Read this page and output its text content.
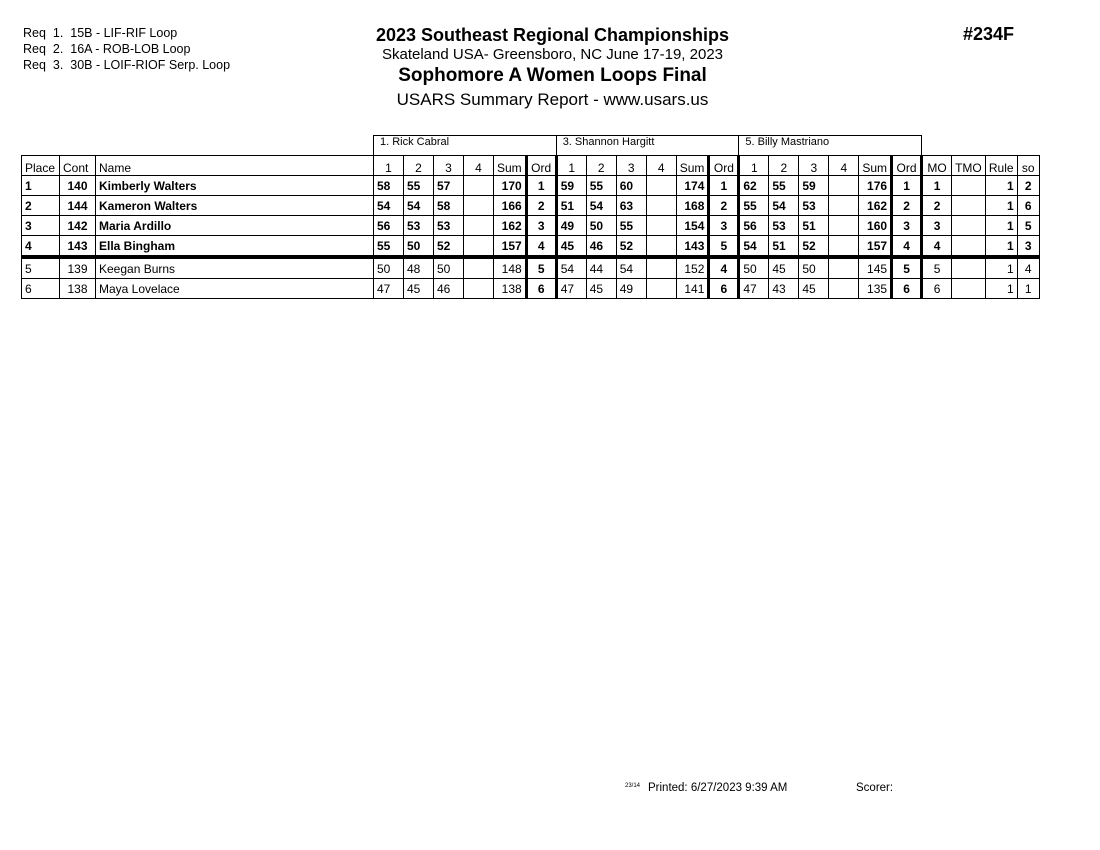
Req  1.  15B - LIF-RIF Loop
Req  2.  16A - ROB-LOB Loop
Req  3.  30B - LOIF-RIOF Serp. Loop
2023 Southeast Regional Championships
Skateland USA- Greensboro, NC June 17-19, 2023
Sophomore A Women Loops Final
USARS Summary Report - www.usars.us
#234F
			1. Rick Cabral						3. Shannon Hargitt						5. Billy Mastriano									
Place	Cont	Name	1	2	3	4	Sum	Ord	1	2	3	4	Sum	Ord	1	2	3	4	Sum	Ord	MO	TMO	Rule	so
1	140	Kimberly Walters	58	55	57		170	1	59	55	60		174	1	62	55	59		176	1	1		1	2
2	144	Kameron Walters	54	54	58		166	2	51	54	63		168	2	55	54	53		162	2	2		1	6
3	142	Maria Ardillo	56	53	53		162	3	49	50	55		154	3	56	53	51		160	3	3		1	5
4	143	Ella Bingham	55	50	52		157	4	45	46	52		143	5	54	51	52		157	4	4		1	3
5	139	Keegan Burns	50	48	50		148	5	54	44	54		152	4	50	45	50		145	5	5		1	4
6	138	Maya Lovelace	47	45	46		138	6	47	45	49		141	6	47	43	45		135	6	6		1	1
23/14 Printed: 6/27/2023 9:39 AM	Scorer:
